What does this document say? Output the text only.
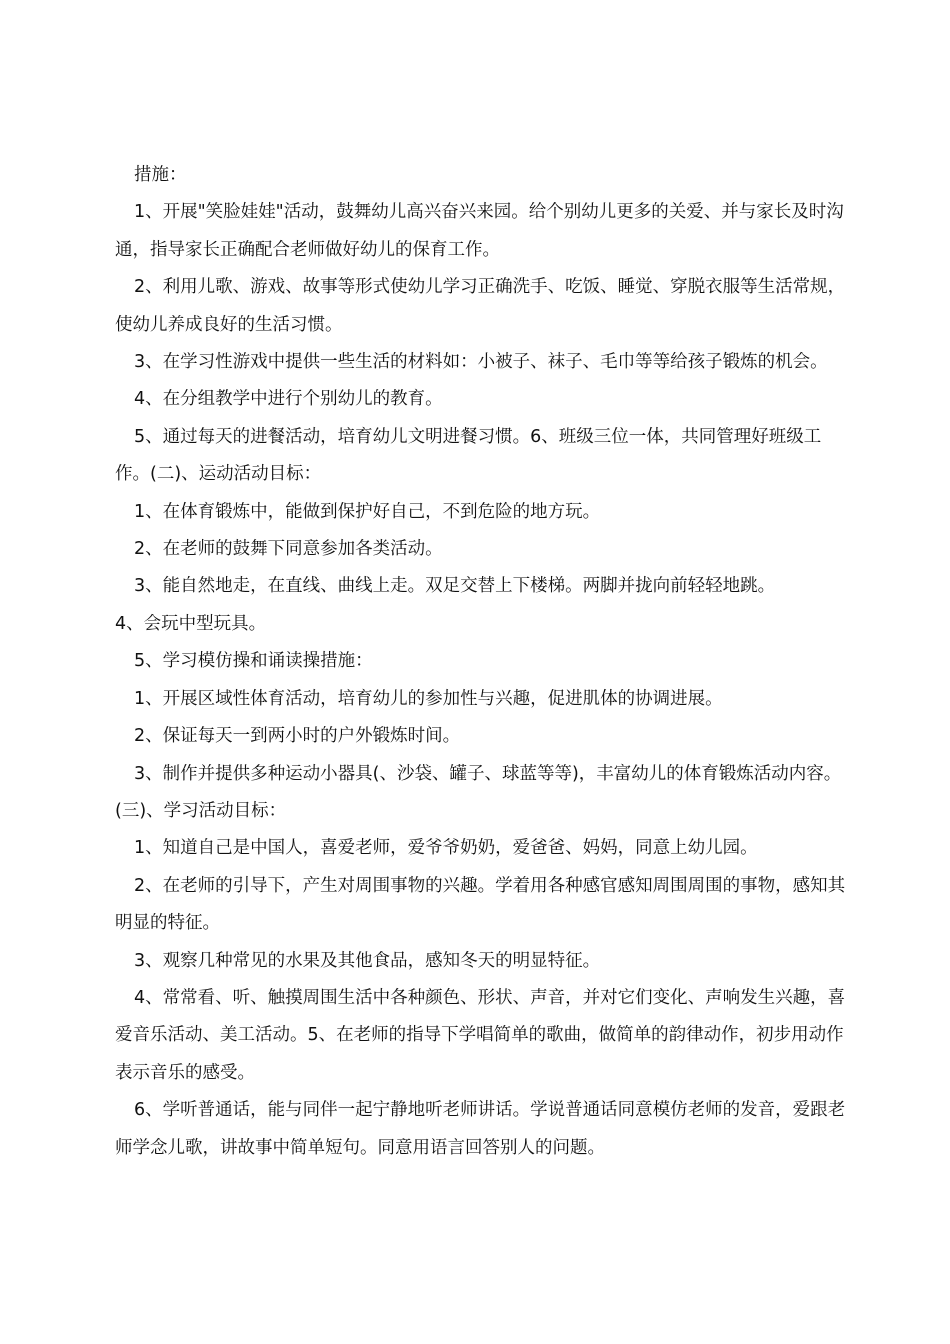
措施：

1、开展"笑脸娃娃"活动，鼓舞幼儿高兴奋兴来园。给个别幼儿更多的关爱、并与家长及时沟通，指导家长正确配合老师做好幼儿的保育工作。

2、利用儿歌、游戏、故事等形式使幼儿学习正确洗手、吃饭、睡觉、穿脱衣服等生活常规，使幼儿养成良好的生活习惯。

3、在学习性游戏中提供一些生活的材料如：小被子、袜子、毛巾等等给孩子锻炼的机会。

4、在分组教学中进行个别幼儿的教育。

5、通过每天的进餐活动，培育幼儿文明进餐习惯。6、班级三位一体，共同管理好班级工作。(二)、运动活动目标：

1、在体育锻炼中，能做到保护好自己，不到危险的地方玩。

2、在老师的鼓舞下同意参加各类活动。

3、能自然地走，在直线、曲线上走。双足交替上下楼梯。两脚并拢向前轻轻地跳。

4、会玩中型玩具。

5、学习模仿操和诵读操措施：

1、开展区域性体育活动，培育幼儿的参加性与兴趣，促进肌体的协调进展。

2、保证每天一到两小时的户外锻炼时间。

3、制作并提供多种运动小器具(、沙袋、罐子、球蓝等等)，丰富幼儿的体育锻炼活动内容。(三)、学习活动目标：

1、知道自己是中国人，喜爱老师，爱爷爷奶奶，爱爸爸、妈妈，同意上幼儿园。

2、在老师的引导下，产生对周围事物的兴趣。学着用各种感官感知周围周围的事物，感知其明显的特征。

3、观察几种常见的水果及其他食品，感知冬天的明显特征。

4、常常看、听、触摸周围生活中各种颜色、形状、声音，并对它们变化、声响发生兴趣，喜爱音乐活动、美工活动。5、在老师的指导下学唱简单的歌曲，做简单的韵律动作，初步用动作表示音乐的感受。

6、学听普通话，能与同伴一起宁静地听老师讲话。学说普通话同意模仿老师的发音，爱跟老师学念儿歌，讲故事中简单短句。同意用语言回答别人的问题。
